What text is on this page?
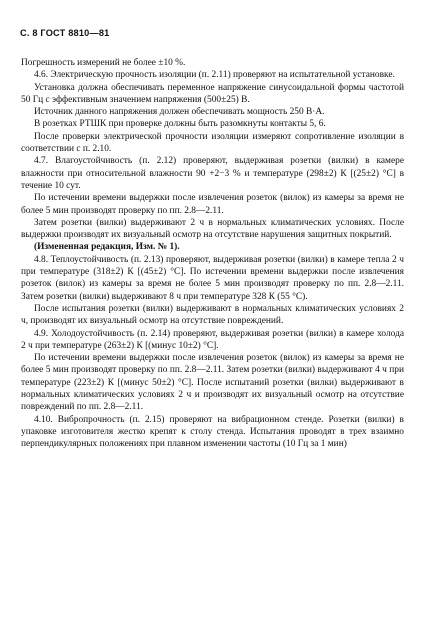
С. 8 ГОСТ 8810—81

Погрешность измерений не более ±10 %.

4.6. Электрическую прочность изоляции (п. 2.11) проверяют на испытательной установке.

Установка должна обеспечивать переменное напряжение синусоидальной формы частотой 50 Гц с эффективным значением напряжения (500±25) В.

Источник данного напряжения должен обеспечивать мощность 250 В·А.

В розетках РТШК при проверке должны быть разомкнуты контакты 5, 6.

После проверки электрической прочности изоляции измеряют сопротивление изоляции в соответствии с п. 2.10.

4.7. Влагоустойчивость (п. 2.12) проверяют, выдерживая розетки (вилки) в камере влажности при относительной влажности 90 +2−3 % и температуре (298±2) К [(25±2) °С] в течение 10 сут.

По истечении времени выдержки после извлечения розеток (вилок) из камеры за время не более 5 мин производят проверку по пп. 2.8—2.11.

Затем розетки (вилки) выдерживают 2 ч в нормальных климатических условиях. После выдержки производят их визуальный осмотр на отсутствие нарушения защитных покрытий.

(Измененная редакция, Изм. № 1).

4.8. Теплоустойчивость (п. 2.13) проверяют, выдерживая розетки (вилки) в камере тепла 2 ч при температуре (318±2) К [(45±2) °С]. По истечении времени выдержки после извлечения розеток (вилок) из камеры за время не более 5 мин производят проверку по пп. 2.8—2.11. Затем розетки (вилки) выдерживают 8 ч при температуре 328 К (55 °С).

После испытания розетки (вилки) выдерживают в нормальных климатических условиях 2 ч, производят их визуальный осмотр на отсутствие повреждений.

4.9. Холодоустойчивость (п. 2.14) проверяют, выдерживая розетки (вилки) в камере холода 2 ч при температуре (263±2) К [(минус 10±2) °С].

По истечении времени выдержки после извлечения розеток (вилок) из камеры за время не более 5 мин производят проверку по пп. 2.8—2.11. Затем розетки (вилки) выдерживают 4 ч при температуре (223±2) К [(минус 50±2) °С]. После испытаний розетки (вилки) выдерживают в нормальных климатических условиях 2 ч и производят их визуальный осмотр на отсутствие повреждений по пп. 2.8—2.11.

4.10. Вибропрочность (п. 2.15) проверяют на вибрационном стенде. Розетки (вилки) в упаковке изготовителя жестко крепят к столу стенда. Испытания проводят в трех взаимно перпендикулярных положениях при плавном изменении частоты (10 Гц за 1 мин)
